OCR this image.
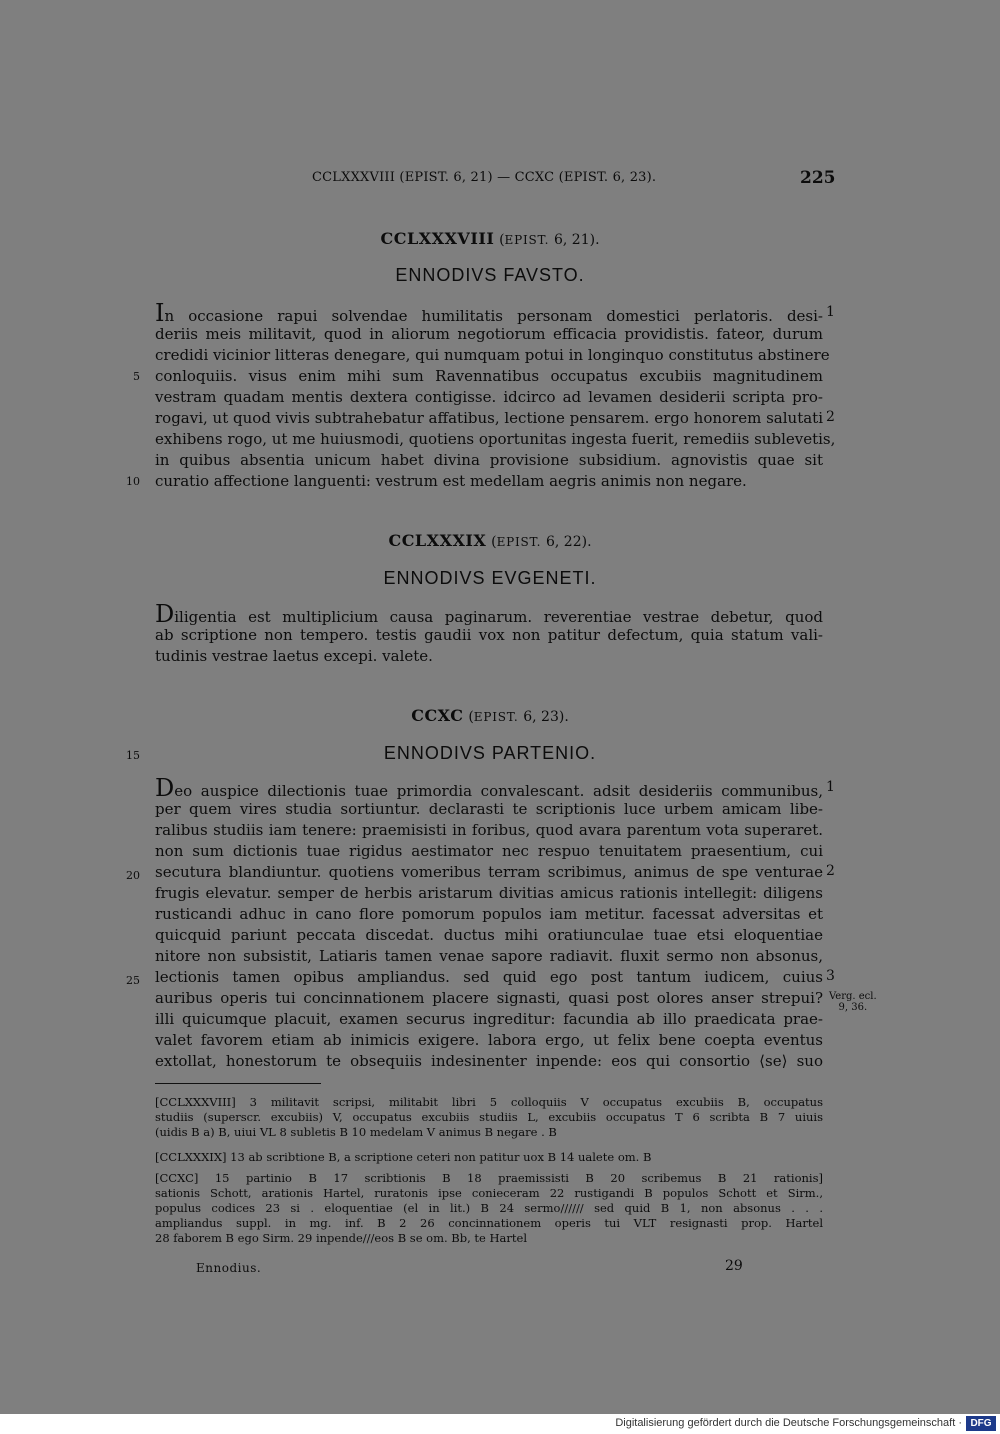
CCLXXXVIII (EPIST. 6, 21) — CCXC (EPIST. 6, 23).	225
CCLXXXVIII (EPIST. 6, 21).
ENNODIVS FAVSTO.
In occasione rapui solvendae humilitatis personam domestici perlatoris. desi-
deriis meis militavit, quod in aliorum negotiorum efficacia providistis. fateor, durum
credidi vicinior litteras denegare, qui numquam potui in longinquo constitutus abstinere
conloquiis. visus enim mihi sum Ravennatibus occupatus excubiis magnitudinem
vestram quadam mentis dextera contigisse. idcirco ad levamen desiderii scripta pro-
rogavi, ut quod vivis subtrahebatur affatibus, lectione pensarem. ergo honorem salutati
exhibens rogo, ut me huiusmodi, quotiens oportunitas ingesta fuerit, remediis sublevetis,
in quibus absentia unicum habet divina provisione subsidium. agnovistis quae sit
curatio affectione languenti: vestrum est medellam aegris animis non negare.
5
10
1
2
CCLXXXIX (EPIST. 6, 22).
ENNODIVS EVGENETI.
Diligentia est multiplicium causa paginarum. reverentiae vestrae debetur, quod
ab scriptione non tempero. testis gaudii vox non patitur defectum, quia statum vali-
tudinis vestrae laetus excepi. valete.
CCXC (EPIST. 6, 23).
ENNODIVS PARTENIO.
15
Deo auspice dilectionis tuae primordia convalescant. adsit desideriis communibus,
per quem vires studia sortiuntur. declarasti te scriptionis luce urbem amicam libe-
ralibus studiis iam tenere: praemisisti in foribus, quod avara parentum vota superaret.
non sum dictionis tuae rigidus aestimator nec respuo tenuitatem praesentium, cui
secutura blandiuntur. quotiens vomeribus terram scribimus, animus de spe venturae
frugis elevatur. semper de herbis aristarum divitias amicus rationis intellegit: diligens
rusticandi adhuc in cano flore pomorum populos iam metitur. facessat adversitas et
quicquid pariunt peccata discedat. ductus mihi oratiunculae tuae etsi eloquentiae
nitore non subsistit, Latiaris tamen venae sapore radiavit. fluxit sermo non absonus,
lectionis tamen opibus ampliandus. sed quid ego post tantum iudicem, cuius
auribus operis tui concinnationem placere signasti, quasi post olores anser strepui?
illi quicumque placuit, examen securus ingreditur: facundia ab illo praedicata prae-
valet favorem etiam ab inimicis exigere. labora ergo, ut felix bene coepta eventus
extollat, honestorum te obsequiis indesinenter inpende: eos qui consortio ⟨se⟩ suo
20
25
1
2
3
Verg. ecl.
9, 36.
[CCLXXXVIII] 3 militavit scripsi, militabit libri 5 colloquiis V occupatus excubiis B, occupatus
studiis (superscr. excubiis) V, occupatus excubiis studiis L, excubiis occupatus T 6 scribta B 7 uiuis
(uidis B a) B, uiui VL 8 subletis B 10 medelam V animus B negare . B
[CCLXXXIX] 13 ab scribtione B, a scriptione ceteri non patitur uox B 14 ualete om. B
[CCXC] 15 partinio B 17 scribtionis B 18 praemissisti B 20 scribemus B 21 rationis]
sationis Schott, arationis Hartel, ruratonis ipse conieceram 22 rustigandi B populos Schott et Sirm.,
populus codices 23 si . eloquentiae (el in lit.) B 24 sermo////// sed quid B 1, non absonus . . .
ampliandus suppl. in mg. inf. B 2 26 concinnationem operis tui VLT resignasti prop. Hartel
28 faborem B ego Sirm. 29 inpende///eos B se om. Bb, te Hartel
Ennodius.	29
Digitalisierung gefördert durch die Deutsche Forschungsgemeinschaft · DFG
